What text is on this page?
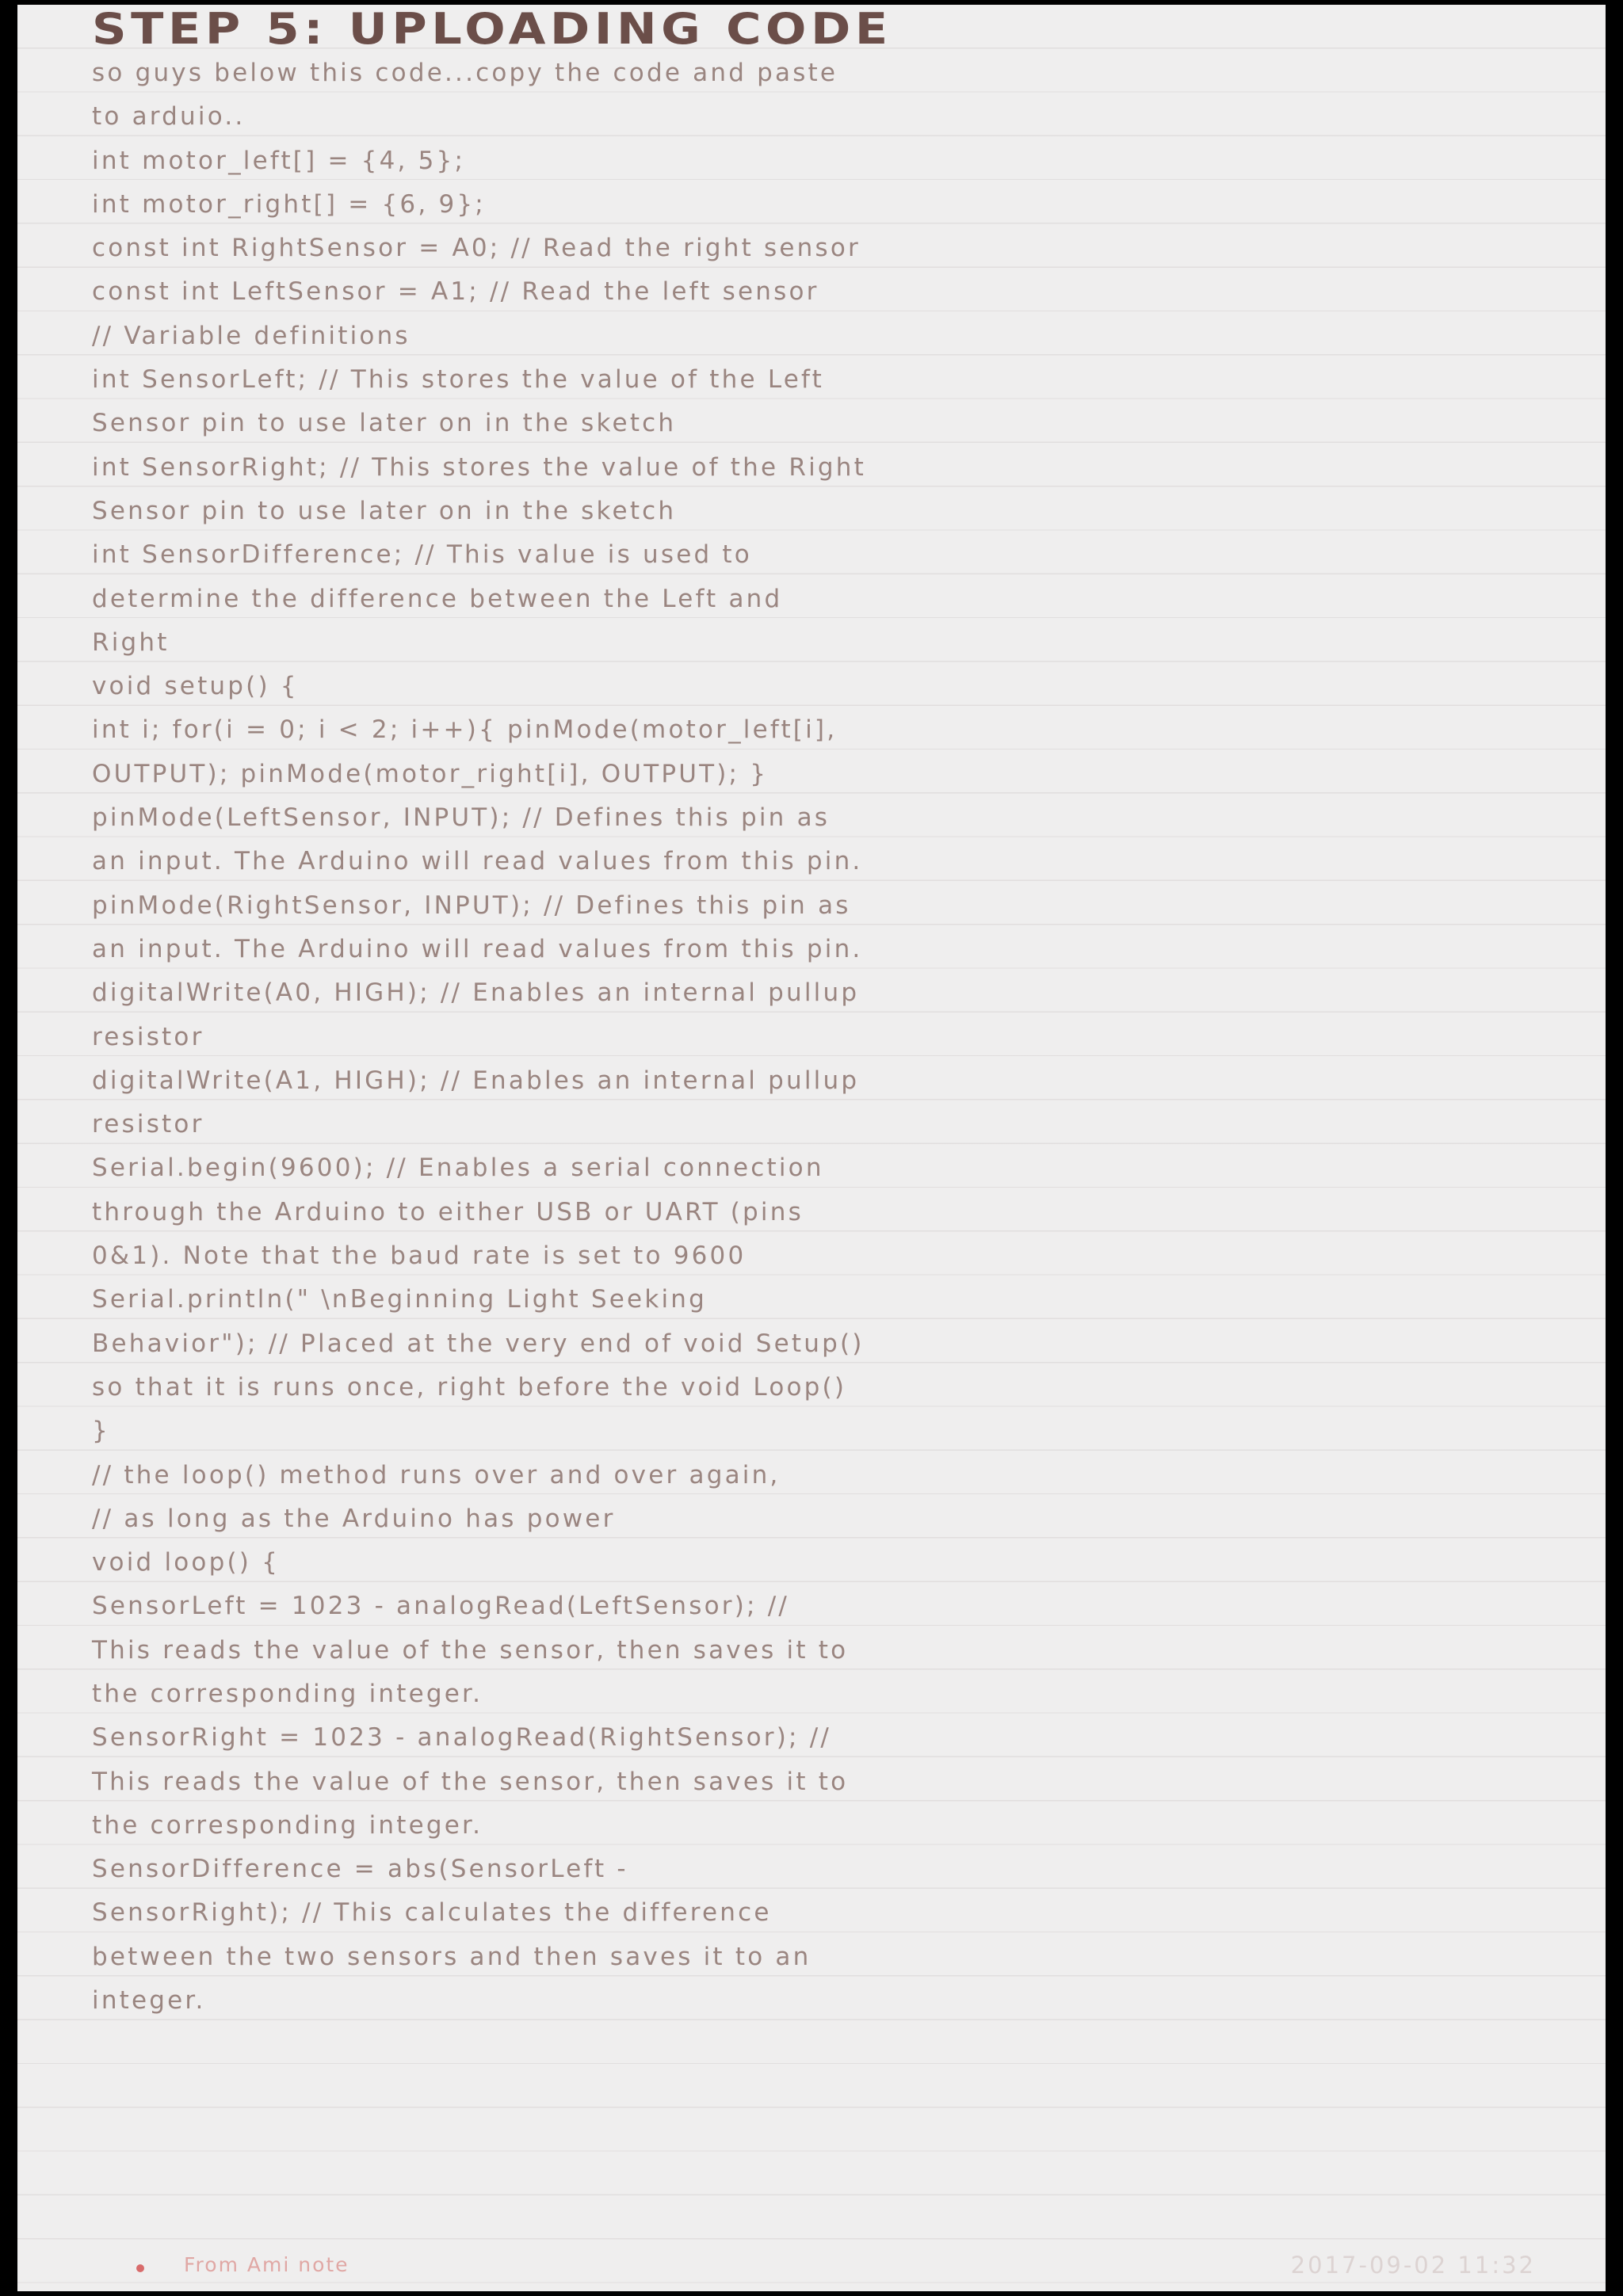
STEP 5: UPLOADING CODE
so guys below this code...copy the code and paste
to arduio..
int motor_left[] = {4, 5};
int motor_right[] = {6, 9};
const int RightSensor = A0; // Read the right sensor
const int LeftSensor = A1; // Read the left sensor
// Variable definitions
int SensorLeft; // This stores the value of the Left
Sensor pin to use later on in the sketch
int SensorRight; // This stores the value of the Right
Sensor pin to use later on in the sketch
int SensorDifference; // This value is used to
determine the difference between the Left and
Right
void setup() {
int i; for(i = 0; i < 2; i++){ pinMode(motor_left[i],
OUTPUT); pinMode(motor_right[i], OUTPUT); }
pinMode(LeftSensor, INPUT); // Defines this pin as
an input. The Arduino will read values from this pin.
pinMode(RightSensor, INPUT); // Defines this pin as
an input. The Arduino will read values from this pin.
digitalWrite(A0, HIGH); // Enables an internal pullup
resistor
digitalWrite(A1, HIGH); // Enables an internal pullup
resistor
Serial.begin(9600); // Enables a serial connection
through the Arduino to either USB or UART (pins
0&1). Note that the baud rate is set to 9600
Serial.println(" \nBeginning Light Seeking
Behavior"); // Placed at the very end of void Setup()
so that it is runs once, right before the void Loop()
}
// the loop() method runs over and over again,
// as long as the Arduino has power
void loop() {
SensorLeft = 1023 - analogRead(LeftSensor); //
This reads the value of the sensor, then saves it to
the corresponding integer.
SensorRight = 1023 - analogRead(RightSensor); //
This reads the value of the sensor, then saves it to
the corresponding integer.
SensorDifference = abs(SensorLeft -
SensorRight); // This calculates the difference
between the two sensors and then saves it to an
integer.
From Ami note	2017-09-02 11:32
